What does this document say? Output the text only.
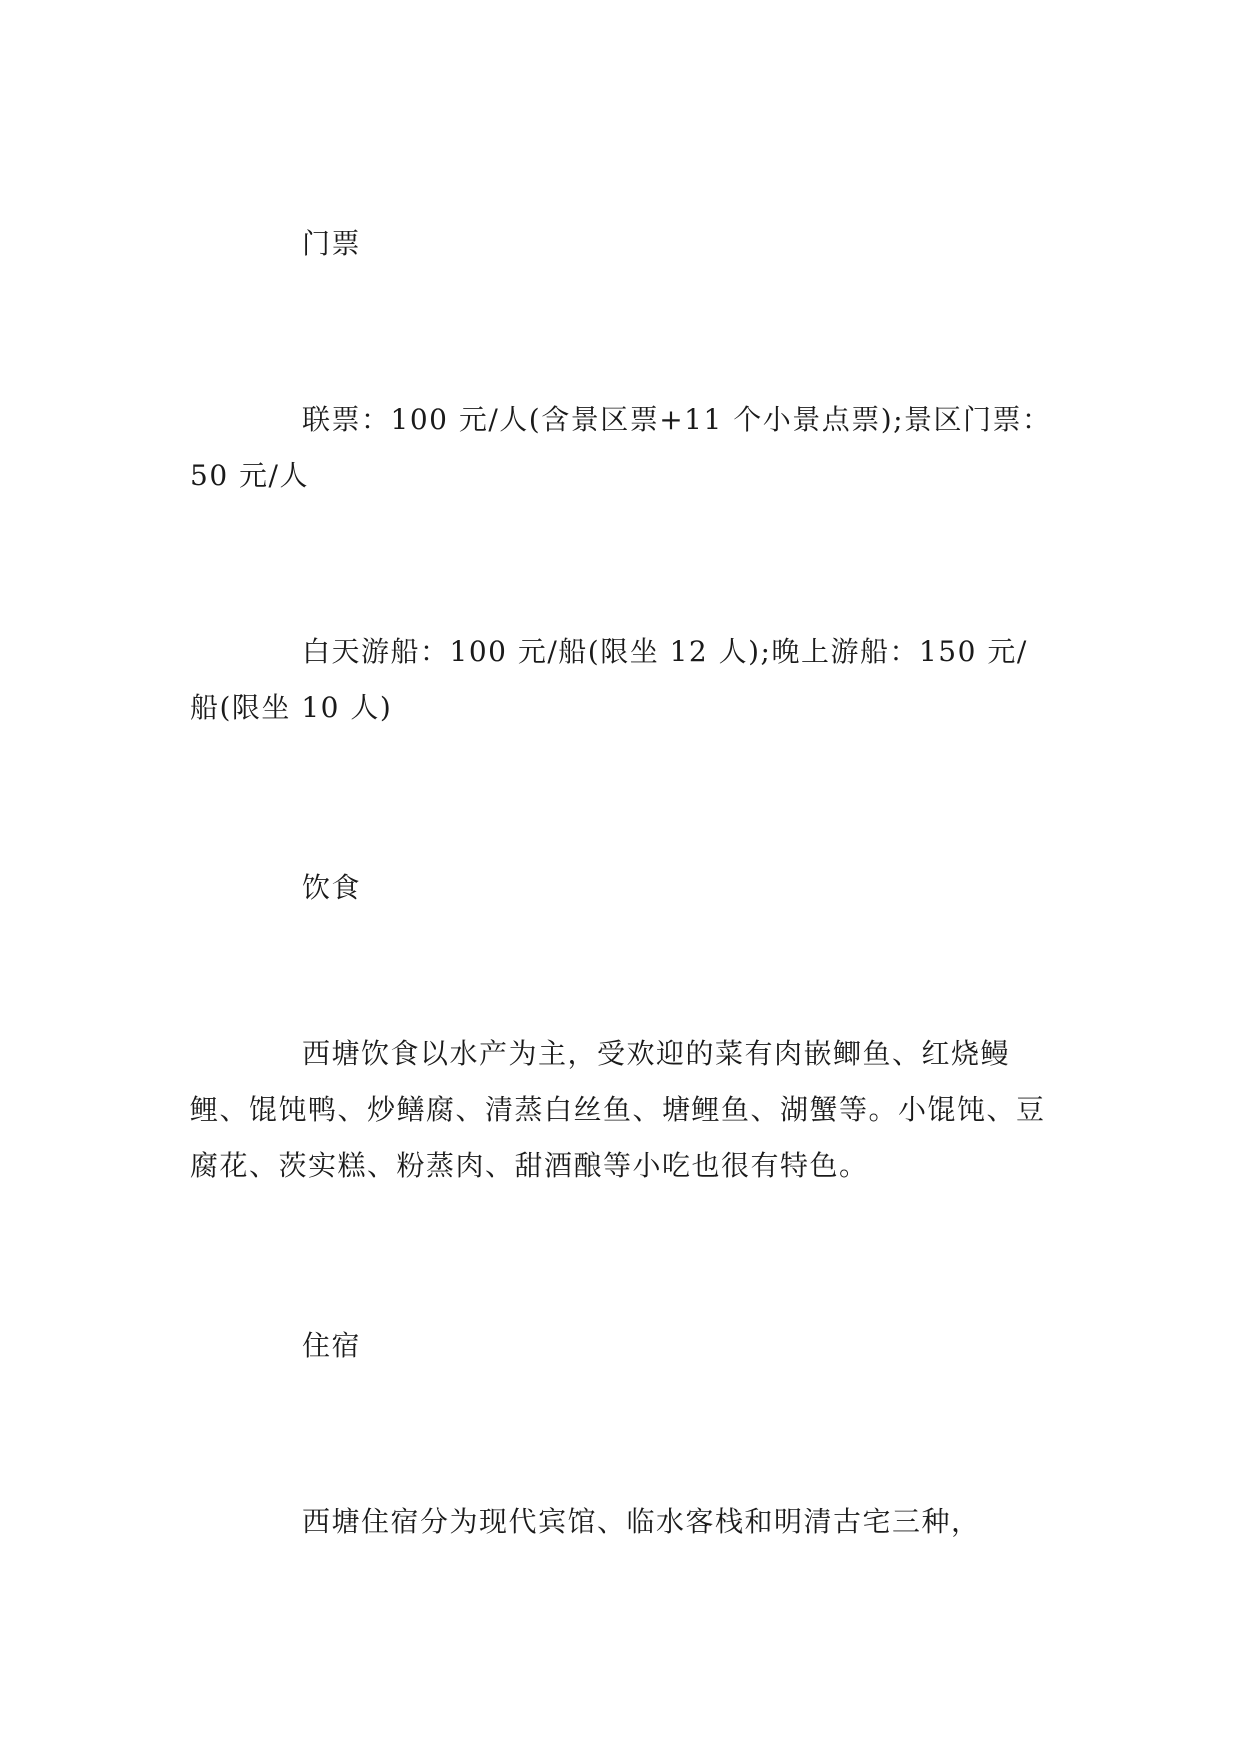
门票
联票：100 元/人(含景区票+11 个小景点票);景区门票：50 元/人
白天游船：100 元/船(限坐 12 人);晚上游船：150 元/船(限坐 10 人)
饮食
西塘饮食以水产为主，受欢迎的菜有肉嵌鲫鱼、红烧鳗鲤、馄饨鸭、炒鳝腐、清蒸白丝鱼、塘鲤鱼、湖蟹等。小馄饨、豆腐花、茨实糕、粉蒸肉、甜酒酿等小吃也很有特色。
住宿
西塘住宿分为现代宾馆、临水客栈和明清古宅三种，
